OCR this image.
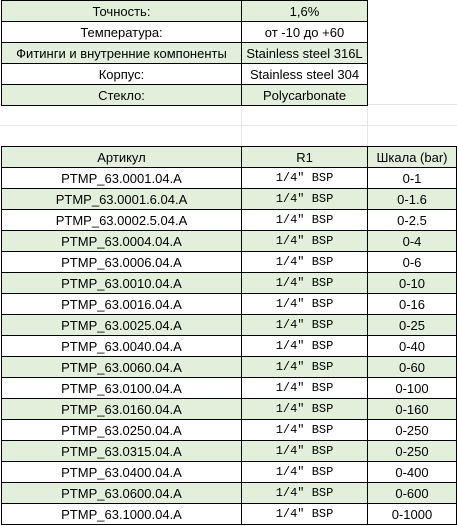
Точность:	1,6%
Температура:	от -10 до +60
Фитинги и внутренние компоненты	Stainless steel 316L
Корпус:	Stainless steel 304
Стекло:	Polycarbonate
Артикул	R1	Шкала (bar)
PTMP_63.0001.04.A	1/4" BSP	0-1
PTMP_63.0001.6.04.A	1/4" BSP	0-1.6
PTMP_63.0002.5.04.A	1/4" BSP	0-2.5
PTMP_63.0004.04.A	1/4" BSP	0-4
PTMP_63.0006.04.A	1/4" BSP	0-6
PTMP_63.0010.04.A	1/4" BSP	0-10
PTMP_63.0016.04.A	1/4" BSP	0-16
PTMP_63.0025.04.A	1/4" BSP	0-25
PTMP_63.0040.04.A	1/4" BSP	0-40
PTMP_63.0060.04.A	1/4" BSP	0-60
PTMP_63.0100.04.A	1/4" BSP	0-100
PTMP_63.0160.04.A	1/4" BSP	0-160
PTMP_63.0250.04.A	1/4" BSP	0-250
PTMP_63.0315.04.A	1/4" BSP	0-250
PTMP_63.0400.04.A	1/4" BSP	0-400
PTMP_63.0600.04.A	1/4" BSP	0-600
PTMP_63.1000.04.A	1/4" BSP	0-1000
